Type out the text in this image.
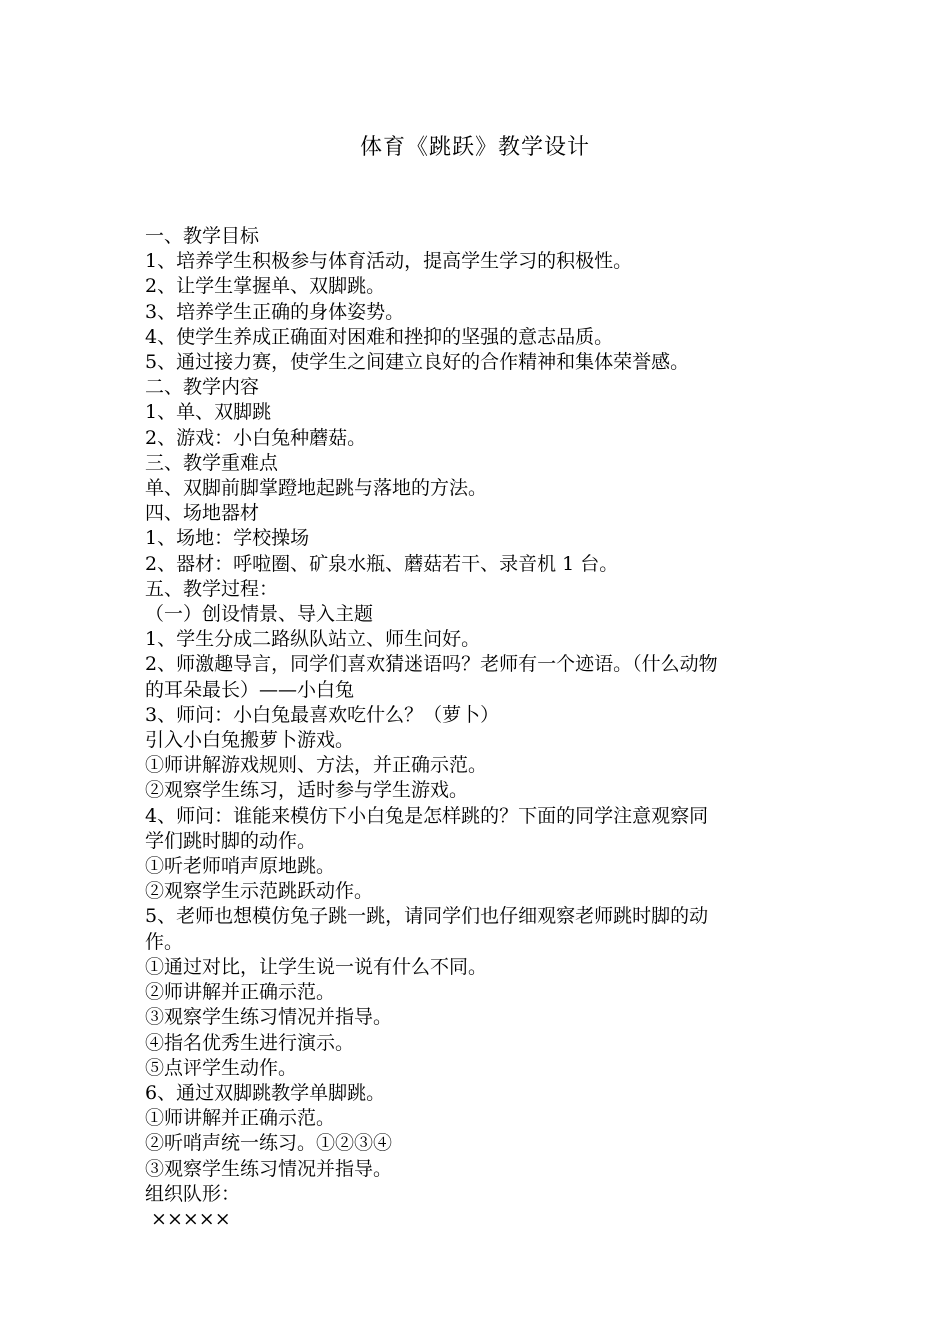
体育《跳跃》教学设计
一、教学目标
1、培养学生积极参与体育活动，提高学生学习的积极性。
2、让学生掌握单、双脚跳。
3、培养学生正确的身体姿势。
4、使学生养成正确面对困难和挫抑的坚强的意志品质。
5、通过接力赛，使学生之间建立良好的合作精神和集体荣誉感。
二、教学内容
1、单、双脚跳
2、游戏：小白兔种蘑菇。
三、教学重难点
单、双脚前脚掌蹬地起跳与落地的方法。
四、场地器材
1、场地：学校操场
2、器材：呼啦圈、矿泉水瓶、蘑菇若干、录音机 1 台。
五、教学过程：
（一）创设情景、导入主题
1、学生分成二路纵队站立、师生问好。
2、师激趣导言，同学们喜欢猜迷语吗？老师有一个迹语。（什么动物
的耳朵最长）——小白兔
3、师问：小白兔最喜欢吃什么？（萝卜）
引入小白兔搬萝卜游戏。
①师讲解游戏规则、方法，并正确示范。
②观察学生练习，适时参与学生游戏。
4、师问：谁能来模仿下小白兔是怎样跳的？下面的同学注意观察同
学们跳时脚的动作。
①听老师哨声原地跳。
②观察学生示范跳跃动作。
5、老师也想模仿兔子跳一跳，请同学们也仔细观察老师跳时脚的动
作。
①通过对比，让学生说一说有什么不同。
②师讲解并正确示范。
③观察学生练习情况并指导。
④指名优秀生进行演示。
⑤点评学生动作。
6、通过双脚跳教学单脚跳。
①师讲解并正确示范。
②听哨声统一练习。①②③④
③观察学生练习情况并指导。
组织队形：
×××××
